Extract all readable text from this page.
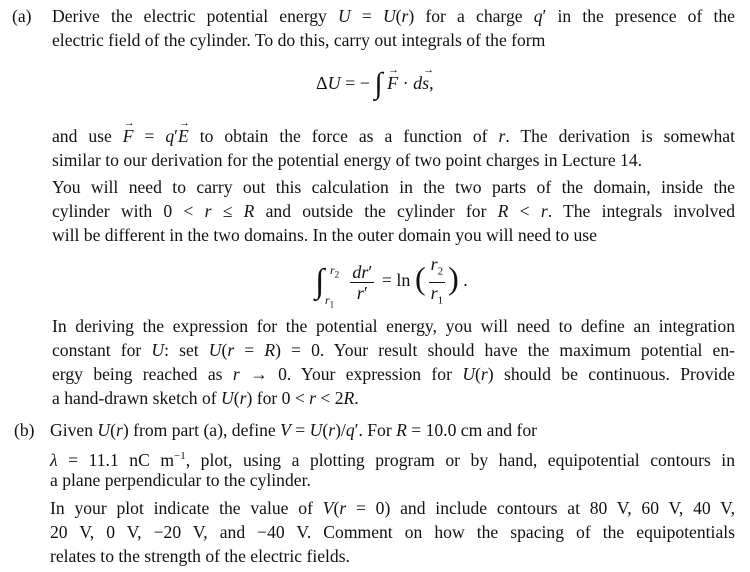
(a) Derive the electric potential energy U = U(r) for a charge q′ in the presence of the
electric field of the cylinder. To do this, carry out integrals of the form
ΔU = − ∫ F → · ds →,
and use F → = q′E → to obtain the force as a function of r. The derivation is somewhat
similar to our derivation for the potential energy of two point charges in Lecture 14.
You will need to carry out this calculation in the two parts of the domain, inside the
cylinder with 0 < r ≤ R and outside the cylinder for R < r. The integrals involved
will be different in the two domains. In the outer domain you will need to use
∫ $r_2$
$r_1$

$\frac{dr'}{r'} = \ln$ ( $\frac{r_2}{r_1}$ ) .
In deriving the expression for the potential energy, you will need to define an integration
constant for U: set U(r = R) = 0. Your result should have the maximum potential en-
ergy being reached as r → 0. Your expression for U(r) should be continuous. Provide
a hand-drawn sketch of U(r) for 0 < r < 2R.
(b) Given U(r) from part (a), define V = U(r)/q′. For R = 10.0 cm and for
λ = 11.1 nC $m^{-1}$, plot, using a plotting program or by hand, equipotential contours in
a plane perpendicular to the cylinder.
In your plot indicate the value of V(r = 0) and include contours at 80 V, 60 V, 40 V,
20 V, 0 V, −20 V, and −40 V. Comment on how the spacing of the equipotentials
relates to the strength of the electric fields.
